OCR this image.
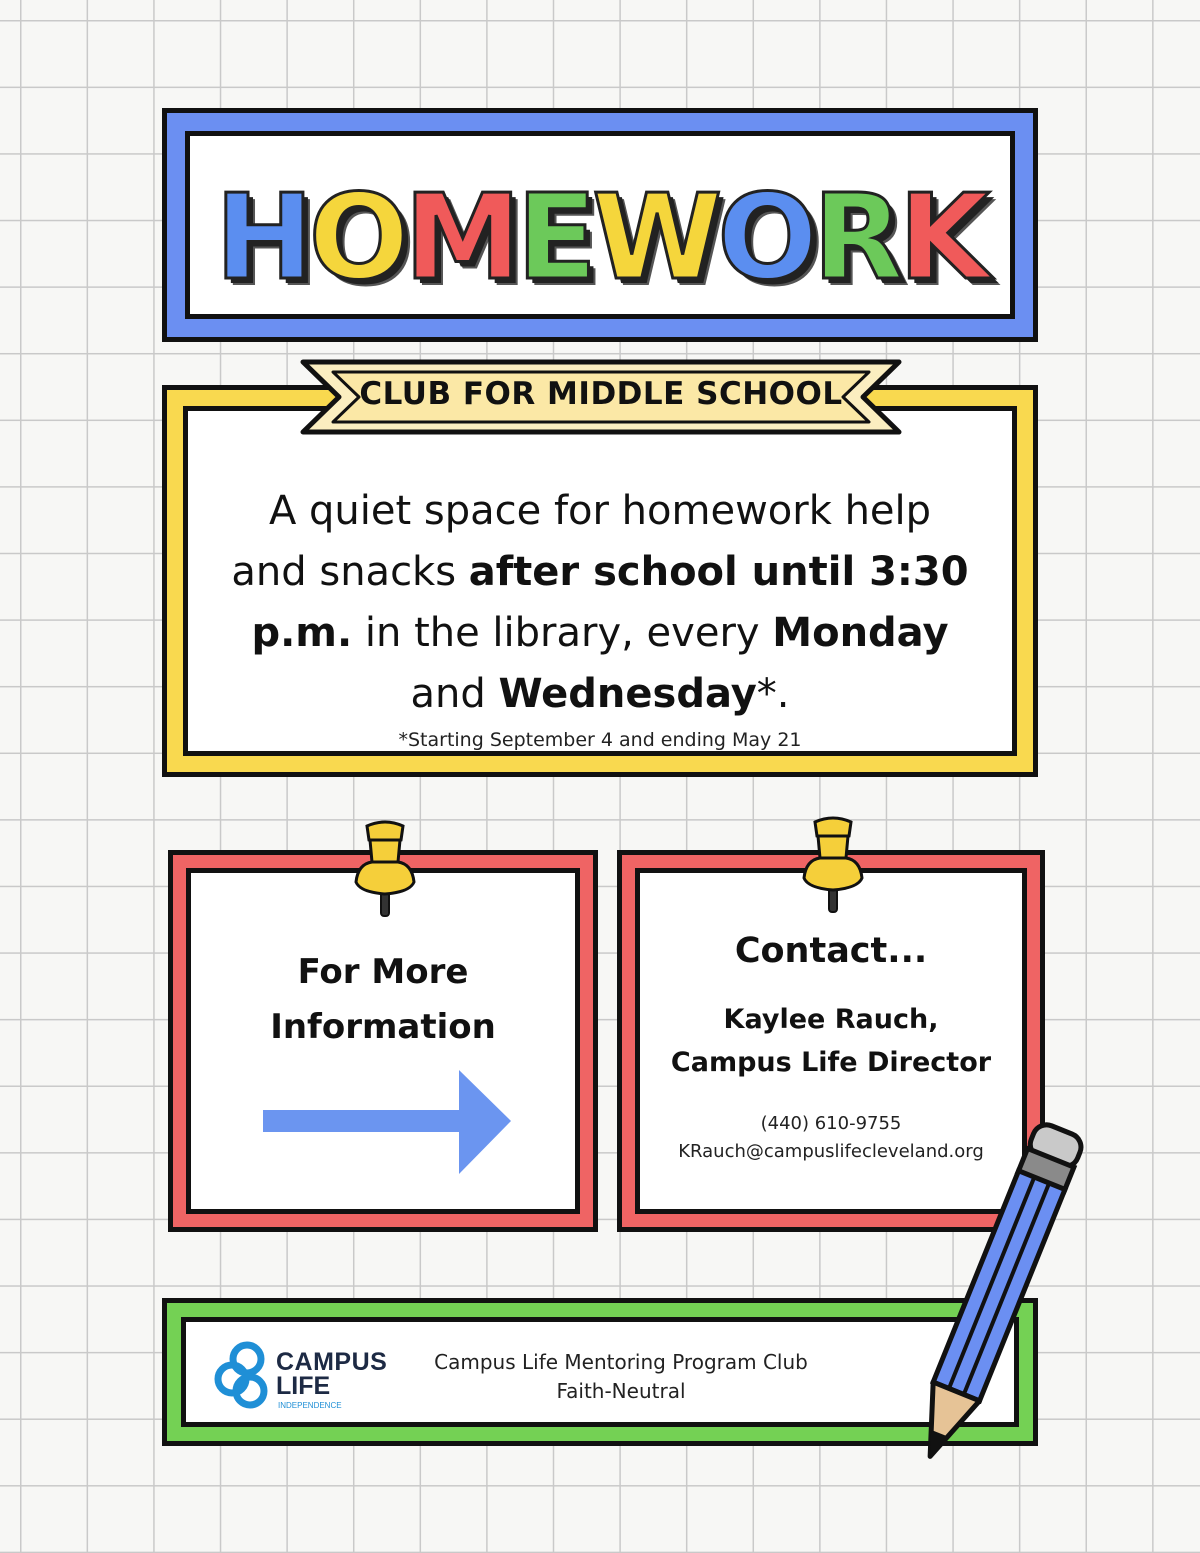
HOMEWORK
A quiet space for homework help
and snacks after school until 3:30
p.m. in the library, every Monday
and Wednesday*.
*Starting September 4 and ending May 21
CLUB FOR MIDDLE SCHOOL
For More
Information
Contact...
Kaylee Rauch,
Campus Life Director
(440) 610-9755
KRauch@campuslifecleveland.org
CAMPUS
LIFE
INDEPENDENCE
Campus Life Mentoring Program Club
Faith-Neutral
